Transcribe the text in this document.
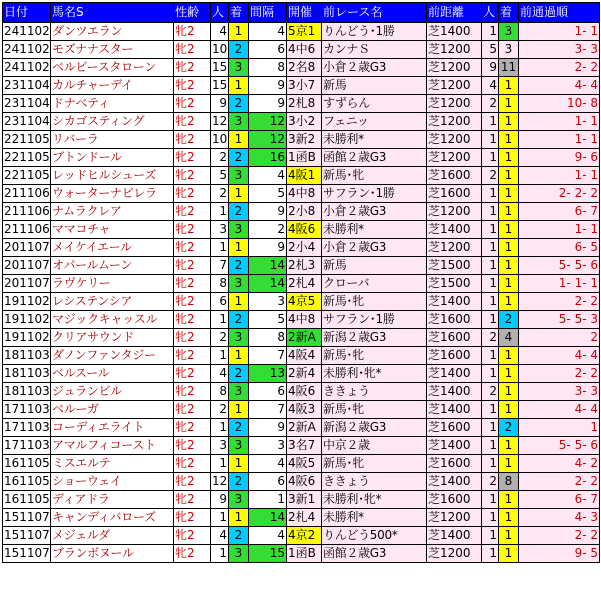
日付	馬名S	性齢	人	着	間隔	開催	前レース名	前距離	人	着	前通過順
241102	ダンツエラン	牝2	4	1	4	5京1	りんどう･1勝	芝1400	1	3	1- 1
241102	モズナナスター	牝2	10	2	6	4中6	カンナＳ	芝1200	5	3	3- 3
241102	ベルビースタローン	牝2	15	3	8	2名8	小倉２歳G3	芝1200	9	11	2- 2
231104	カルチャーデイ	牝2	15	1	9	3小7	新馬	芝1200	4	1	4- 4
231104	ドナベティ	牝2	9	2	9	2札8	すずらん	芝1200	2	1	10- 8
231104	シカゴスティング	牝2	12	3	12	3小2	フェニッ	芝1200	1	1	1- 1
221105	リバーラ	牝2	10	1	12	3新2	未勝利*	芝1200	1	1	1- 1
221105	ブトンドール	牝2	2	2	16	1函B	函館２歳G3	芝1200	1	1	9- 6
221105	レッドヒルシューズ	牝2	5	3	4	4阪1	新馬･牝	芝1600	2	1	1- 1
211106	ウォーターナビレラ	牝2	2	1	5	4中8	サフラン･1勝	芝1600	1	1	2- 2- 2
211106	ナムラクレア	牝2	1	2	9	2小8	小倉２歳G3	芝1200	1	1	6- 7
211106	ママコチャ	牝2	3	3	2	4阪6	未勝利*	芝1400	1	1	1- 1
201107	メイケイエール	牝2	1	1	9	2小4	小倉２歳G3	芝1200	1	1	6- 5
201107	オパールムーン	牝2	7	2	14	2札3	新馬	芝1500	1	1	5- 5- 6
201107	ラヴケリー	牝2	8	3	14	2札4	クローバ	芝1500	1	1	1- 1- 1
191102	レシステンシア	牝2	6	1	3	4京5	新馬･牝	芝1400	1	1	2- 2
191102	マジックキャッスル	牝2	1	2	5	4中8	サフラン･1勝	芝1600	1	2	5- 5- 3
191102	クリアサウンド	牝2	2	3	8	2新A	新潟２歳G3	芝1600	2	4	2
181103	ダノンファンタジー	牝2	1	1	7	4阪4	新馬･牝	芝1600	1	1	4- 4
181103	ベルスール	牝2	4	2	13	2新4	未勝利･牝*	芝1400	1	1	2- 2
181103	ジュランビル	牝2	8	3	6	4阪6	ききょう	芝1400	2	1	3- 3
171103	ベルーガ	牝2	2	1	7	4阪3	新馬･牝	芝1400	1	1	4- 4
171103	コーディエライト	牝2	1	2	9	2新A	新潟２歳G3	芝1600	1	2	1
171103	アマルフィコースト	牝2	3	3	3	3名7	中京２歳	芝1400	1	1	5- 5- 6
161105	ミスエルテ	牝2	1	1	4	4阪5	新馬･牝	芝1600	1	1	4- 2
161105	ショーウェイ	牝2	12	2	6	4阪6	ききょう	芝1400	2	8	2- 2
161105	ディアドラ	牝2	9	3	1	3新1	未勝利･牝*	芝1600	1	1	6- 7
151107	キャンディバローズ	牝2	1	1	14	2札4	未勝利*	芝1200	1	1	4- 3
151107	メジェルダ	牝2	4	2	4	4京2	りんどう500*	芝1400	1	1	2- 2
151107	ブランボヌール	牝2	1	3	15	1函B	函館２歳G3	芝1200	1	1	9- 5
